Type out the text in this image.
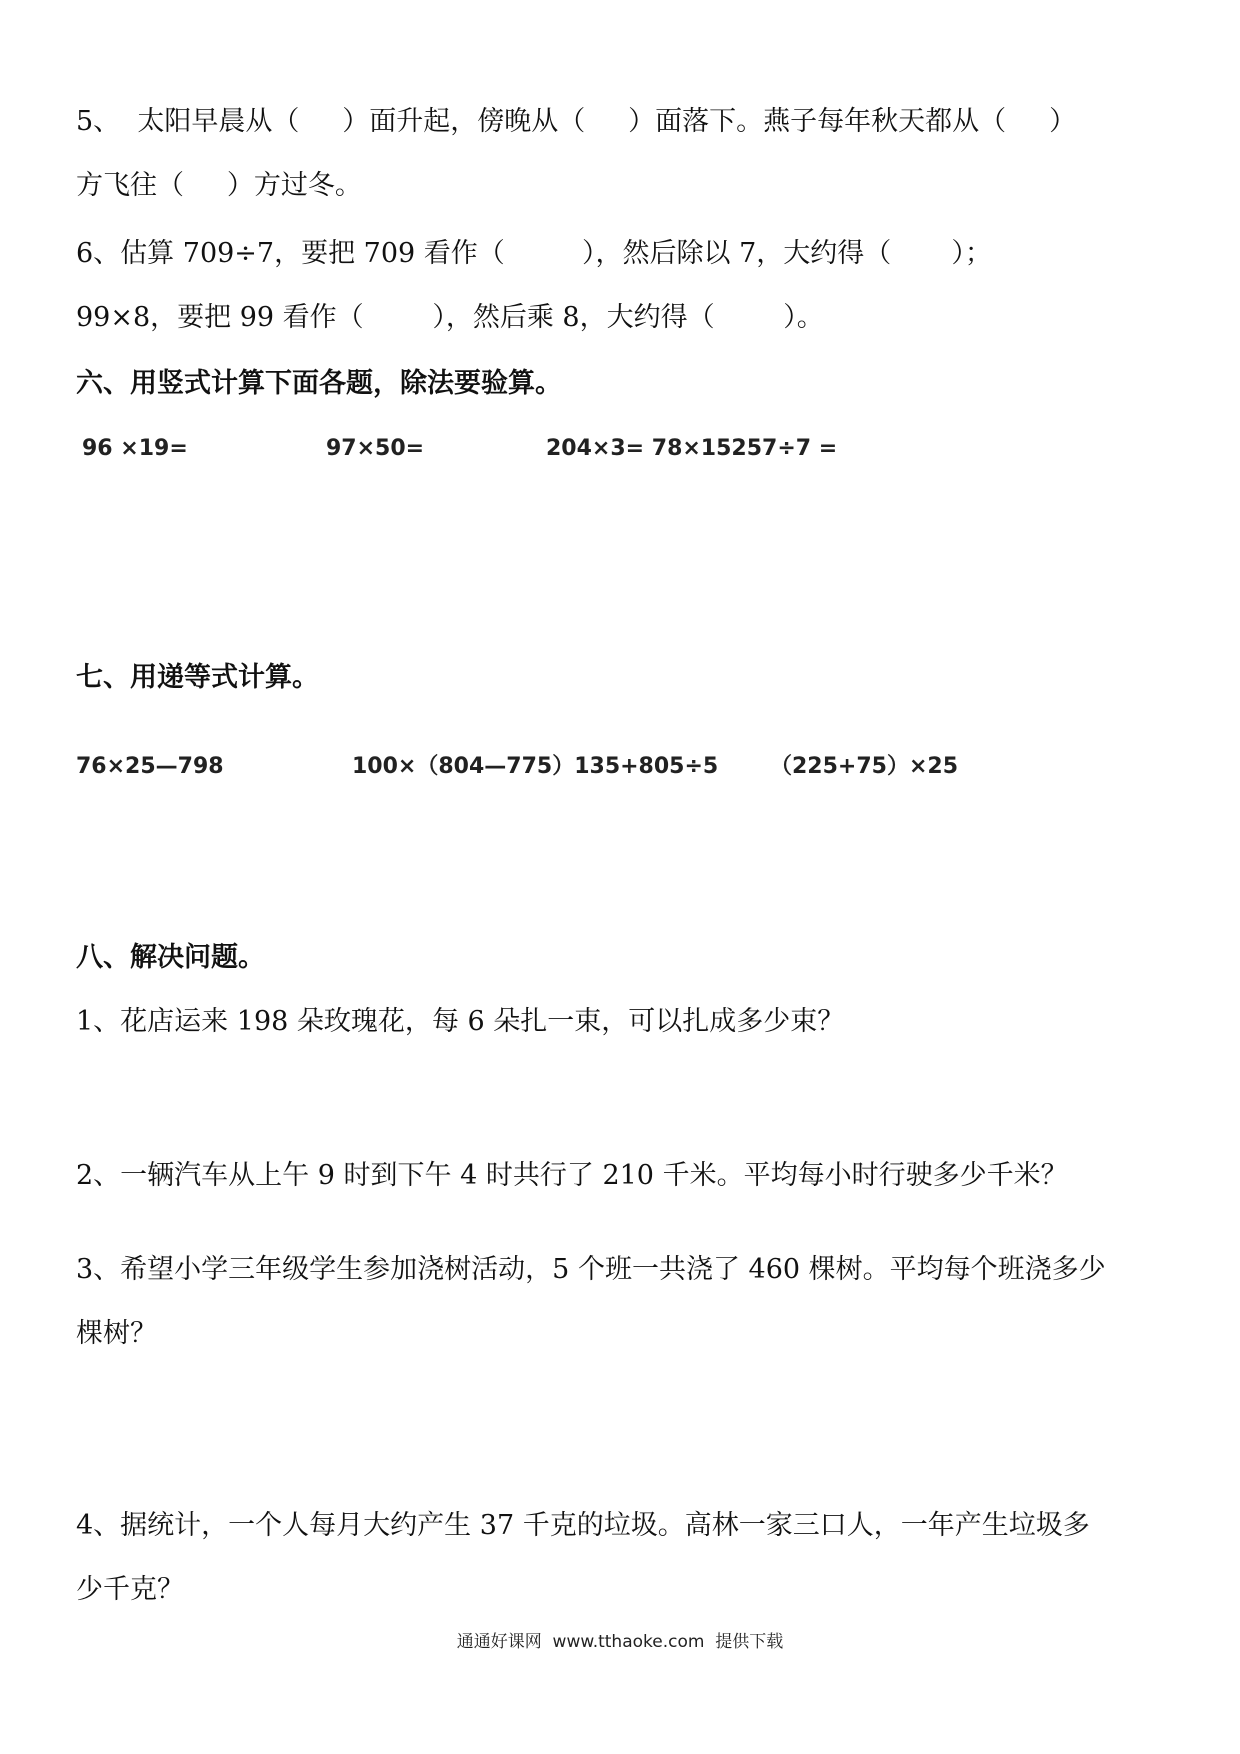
5、  太阳早晨从（     ）面升起，傍晚从（     ）面落下。燕子每年秋天都从（     ）
方飞往（     ）方过冬。
6、估算 709÷7，要把 709 看作（         ），然后除以 7，大约得（       ）；
99×8，要把 99 看作（        ），然后乘 8，大约得（        ）。
六、用竖式计算下面各题，除法要验算。
96 ×19=	97×50=	204×3= 78×15257÷7 =
七、用递等式计算。
76×25—798	100×（804—775）135+805÷5 （225+75）×25
八、解决问题。
1、花店运来 198 朵玫瑰花，每 6 朵扎一束，可以扎成多少束？
2、一辆汽车从上午 9 时到下午 4 时共行了 210 千米。平均每小时行驶多少千米？
3、希望小学三年级学生参加浇树活动，5 个班一共浇了 460 棵树。平均每个班浇多少
棵树？
4、据统计，一个人每月大约产生 37 千克的垃圾。高林一家三口人，一年产生垃圾多
少千克？
通通好课网  www.tthaoke.com  提供下载
